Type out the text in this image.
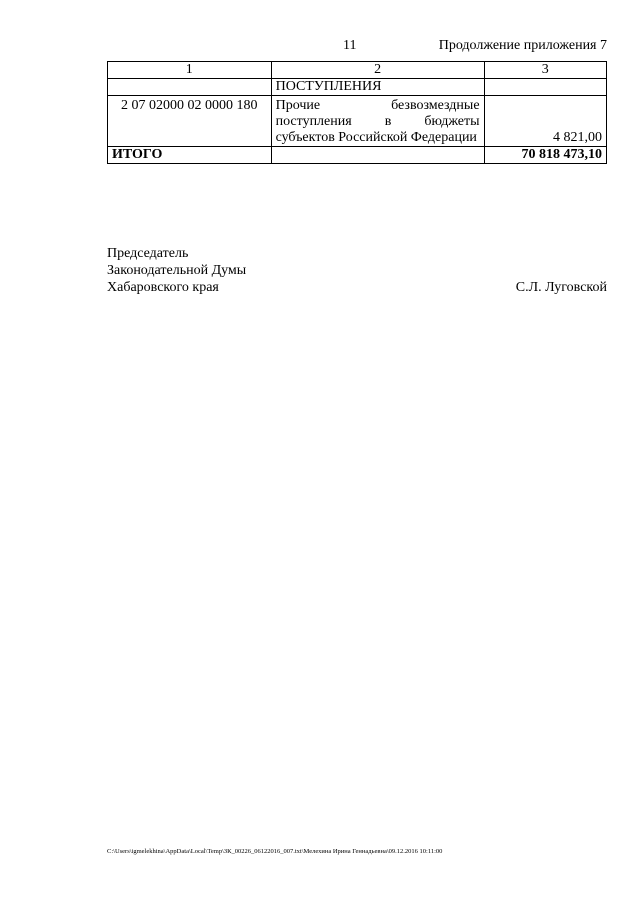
11	Продолжение приложения 7
1	2	3
	ПОСТУПЛЕНИЯ	
2 07 02000 02 0000 180	Прочие безвозмездные поступления в бюджеты субъектов Российской Федерации	4 821,00
ИТОГО		70 818 473,10
Председатель
Законодательной Думы
Хабаровского края	С.Л. Луговской
C:\Users\igmelekhina\AppData\Local\Temp\ЗК_00226_06122016_007.txt\Мелехина Ирина Геннадьевна\09.12.2016 10:11:00
